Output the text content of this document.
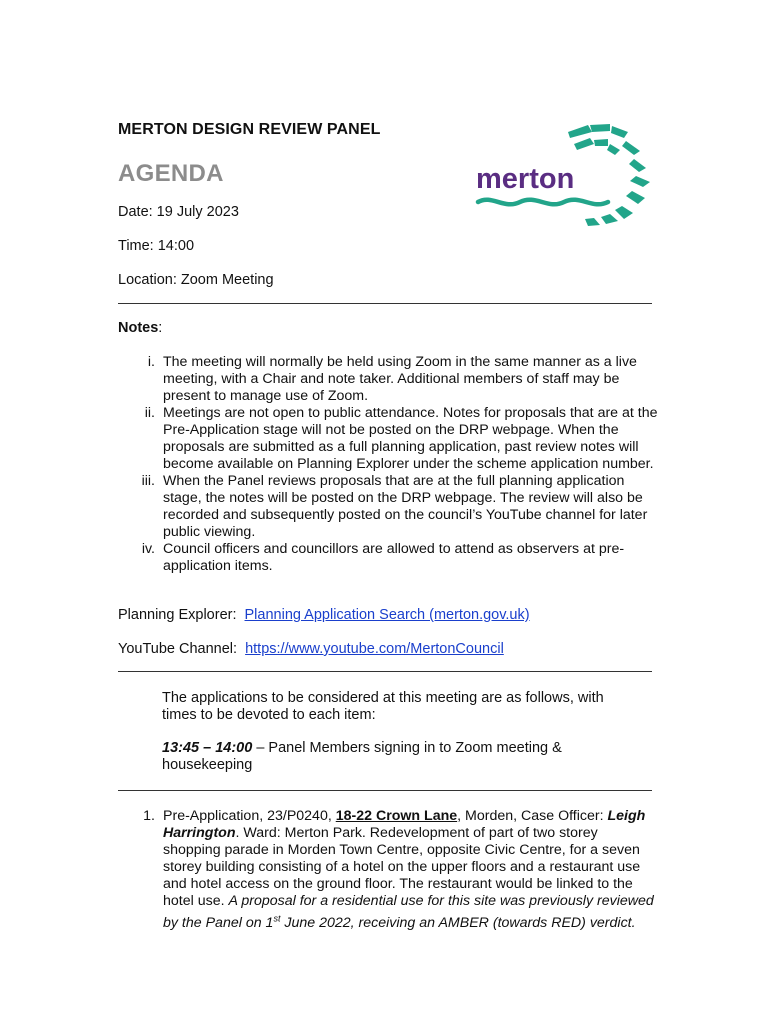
MERTON DESIGN REVIEW PANEL
AGENDA	merton
Date: 19 July 2023
Time: 14:00
Location: Zoom Meeting
Notes:
i. The meeting will normally be held using Zoom in the same manner as a live meeting, with a Chair and note taker. Additional members of staff may be present to manage use of Zoom.
ii. Meetings are not open to public attendance. Notes for proposals that are at the Pre-Application stage will not be posted on the DRP webpage. When the proposals are submitted as a full planning application, past review notes will become available on Planning Explorer under the scheme application number.
iii. When the Panel reviews proposals that are at the full planning application stage, the notes will be posted on the DRP webpage. The review will also be recorded and subsequently posted on the council’s YouTube channel for later public viewing.
iv. Council officers and councillors are allowed to attend as observers at pre-application items.
Planning Explorer: Planning Application Search (merton.gov.uk)
YouTube Channel: https://www.youtube.com/MertonCouncil
The applications to be considered at this meeting are as follows, with times to be devoted to each item:
13:45 – 14:00 – Panel Members signing in to Zoom meeting & housekeeping
1. Pre-Application, 23/P0240, 18-22 Crown Lane, Morden, Case Officer: Leigh Harrington. Ward: Merton Park. Redevelopment of part of two storey shopping parade in Morden Town Centre, opposite Civic Centre, for a seven storey building consisting of a hotel on the upper floors and a restaurant use and hotel access on the ground floor. The restaurant would be linked to the hotel use. A proposal for a residential use for this site was previously reviewed by the Panel on 1st June 2022, receiving an AMBER (towards RED) verdict.
